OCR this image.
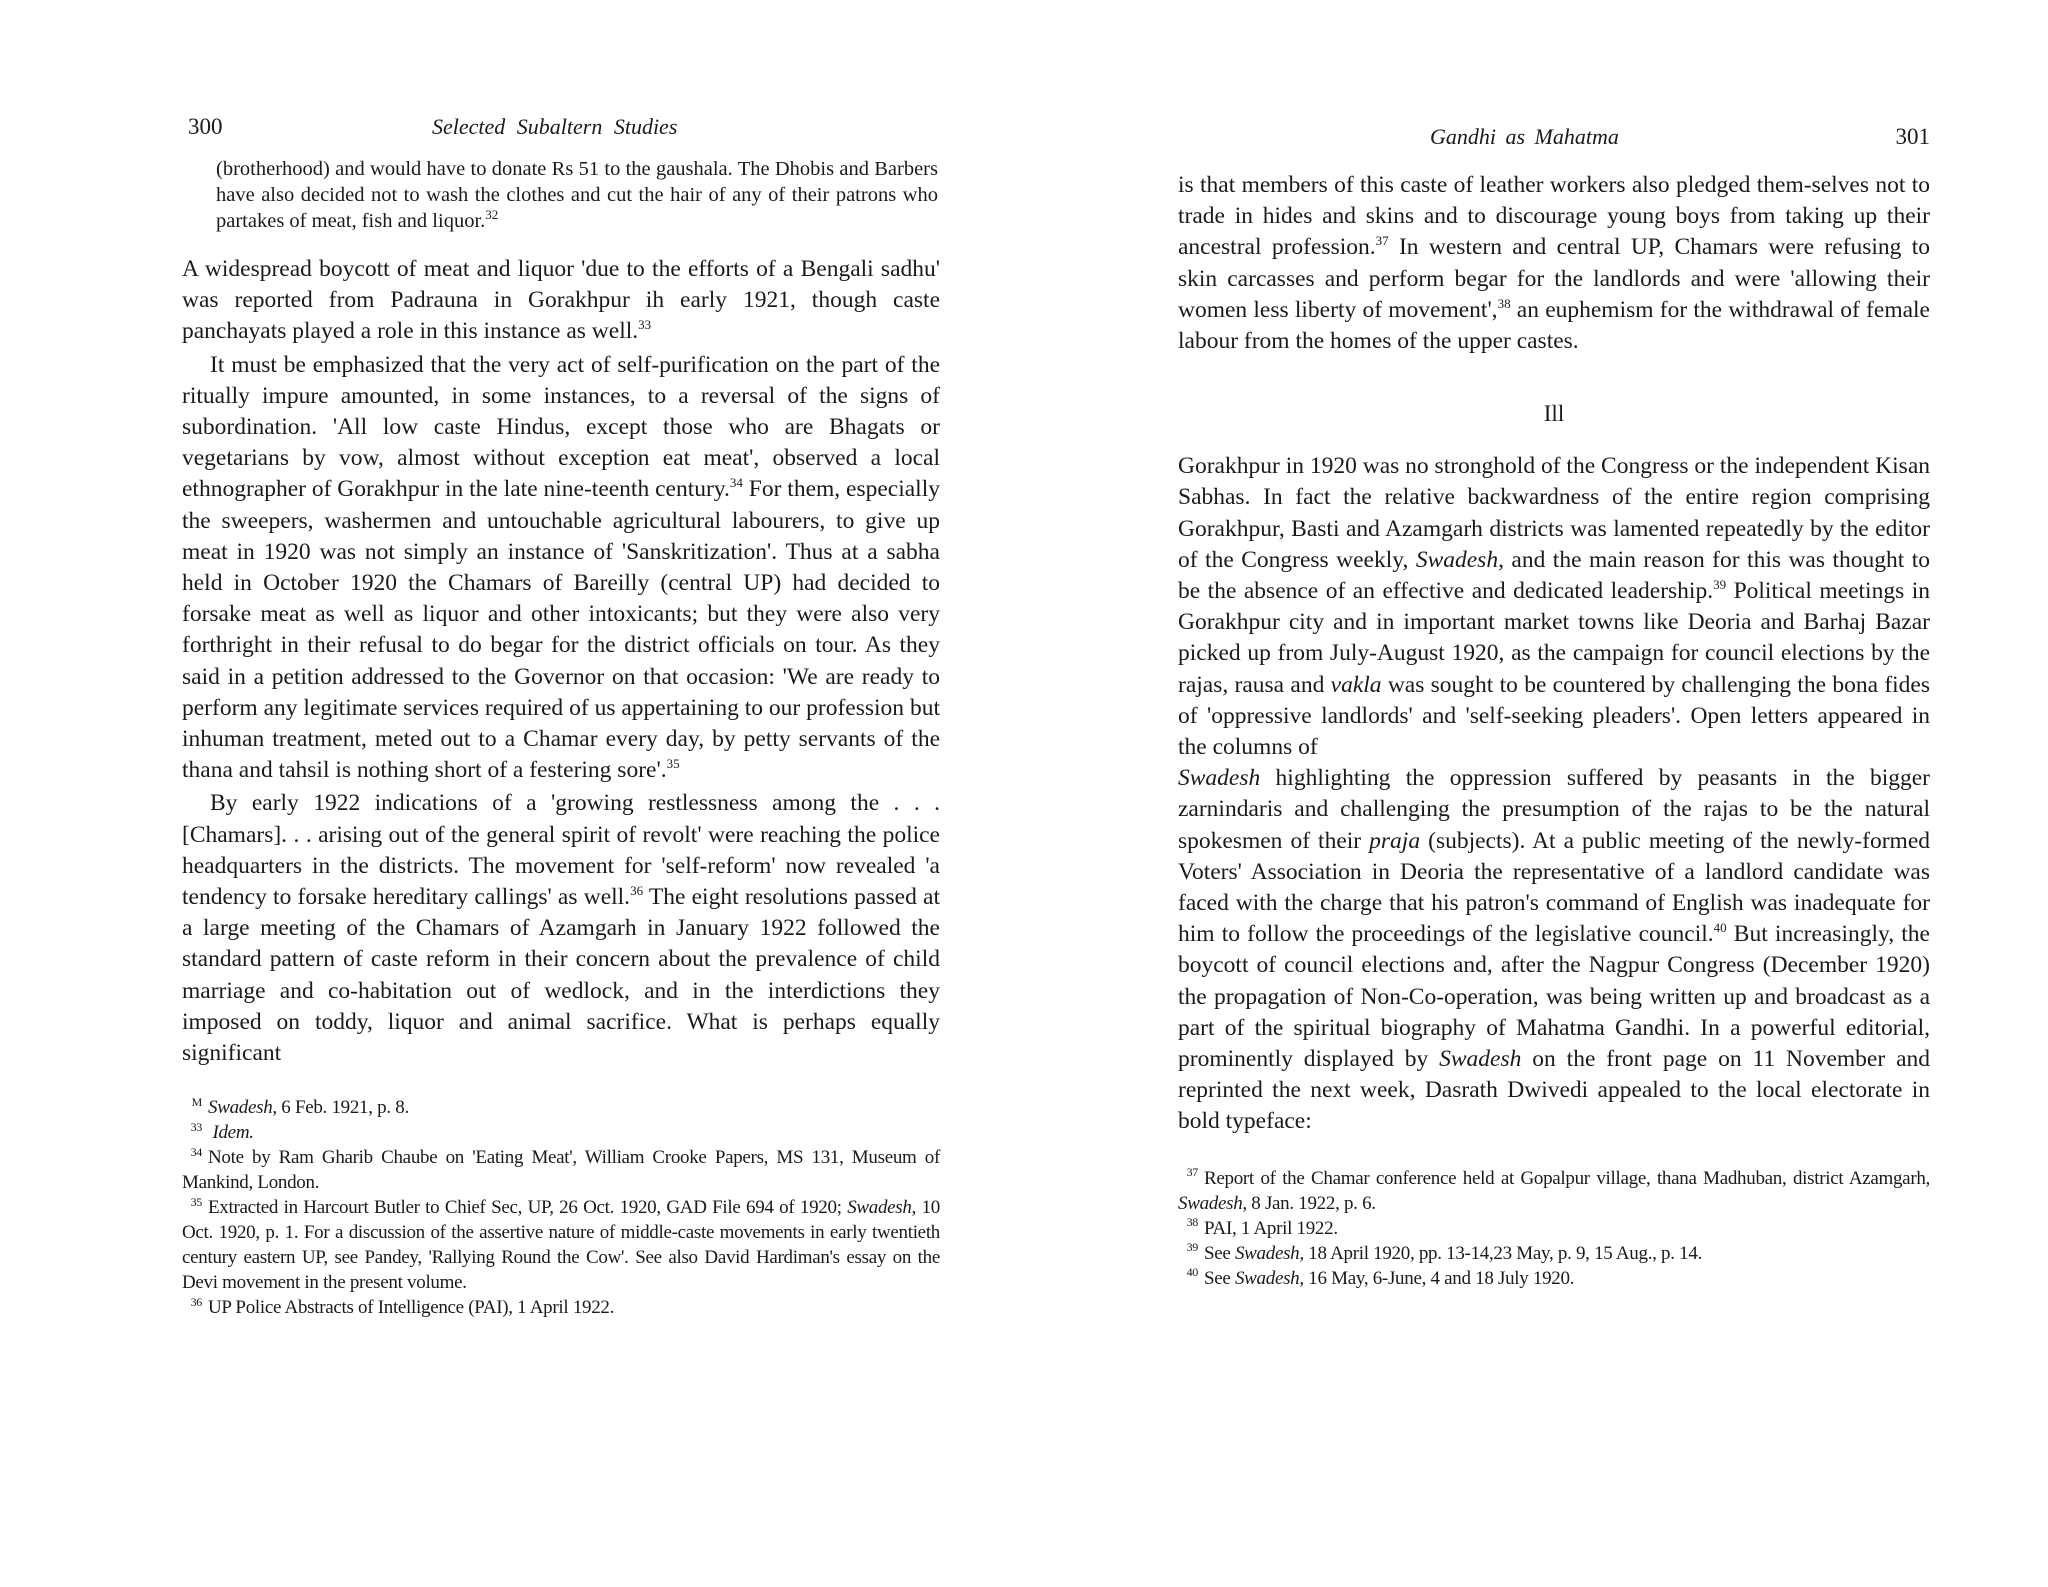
300	Selected Subaltern Studies

(brotherhood) and would have to donate Rs 51 to the gaushala. The Dhobis and Barbers have also decided not to wash the clothes and cut the hair of any of their patrons who partakes of meat, fish and liquor.$^{32}$

A widespread boycott of meat and liquor 'due to the efforts of a Bengali sadhu' was reported from Padrauna in Gorakhpur ih early 1921, though caste panchayats played a role in this instance as well.$^{33}$

It must be emphasized that the very act of self-purification on the part of the ritually impure amounted, in some instances, to a reversal of the signs of subordination. 'All low caste Hindus, except those who are Bhagats or vegetarians by vow, almost without exception eat meat', observed a local ethnographer of Gorakhpur in the late nine-teenth century.$^{34}$ For them, especially the sweepers, washermen and untouchable agricultural labourers, to give up meat in 1920 was not simply an instance of 'Sanskritization'. Thus at a sabha held in October 1920 the Chamars of Bareilly (central UP) had decided to forsake meat as well as liquor and other intoxicants; but they were also very forthright in their refusal to do begar for the district officials on tour. As they said in a petition addressed to the Governor on that occasion: 'We are ready to perform any legitimate services required of us appertaining to our profession but inhuman treatment, meted out to a Chamar every day, by petty servants of the thana and tahsil is nothing short of a festering sore'.$^{35}$

By early 1922 indications of a 'growing restlessness among the . . . [Chamars]. . . arising out of the general spirit of revolt' were reaching the police headquarters in the districts. The movement for 'self-reform' now revealed 'a tendency to forsake hereditary callings' as well.$^{36}$ The eight resolutions passed at a large meeting of the Chamars of Azamgarh in January 1922 followed the standard pattern of caste reform in their concern about the prevalence of child marriage and co-habitation out of wedlock, and in the interdictions they imposed on toddy, liquor and animal sacrifice. What is perhaps equally significant

M Swadesh, 6 Feb. 1921, p. 8.

33 Idem.

34 Note by Ram Gharib Chaube on 'Eating Meat', William Crooke Papers, MS 131, Museum of Mankind, London.

35 Extracted in Harcourt Butler to Chief Sec, UP, 26 Oct. 1920, GAD File 694 of 1920; Swadesh, 10 Oct. 1920, p. 1. For a discussion of the assertive nature of middle-caste movements in early twentieth century eastern UP, see Pandey, 'Rallying Round the Cow'. See also David Hardiman's essay on the Devi movement in the present volume.

36 UP Police Abstracts of Intelligence (PAI), 1 April 1922.

Gandhi as Mahatma	301

is that members of this caste of leather workers also pledged them-selves not to trade in hides and skins and to discourage young boys from taking up their ancestral profession.$^{37}$ In western and central UP, Chamars were refusing to skin carcasses and perform begar for the landlords and were 'allowing their women less liberty of movement',$^{38}$ an euphemism for the withdrawal of female labour from the homes of the upper castes.

Ill

Gorakhpur in 1920 was no stronghold of the Congress or the independent Kisan Sabhas. In fact the relative backwardness of the entire region comprising Gorakhpur, Basti and Azamgarh districts was lamented repeatedly by the editor of the Congress weekly, Swadesh, and the main reason for this was thought to be the absence of an effective and dedicated leadership.$^{39}$ Political meetings in Gorakhpur city and in important market towns like Deoria and Barhaj Bazar picked up from July-August 1920, as the campaign for council elections by the rajas, rausa and vakla was sought to be countered by challenging the bona fides of 'oppressive landlords' and 'self-seeking pleaders'. Open letters appeared in the columns of
Swadesh highlighting the oppression suffered by peasants in the bigger zarnindaris and challenging the presumption of the rajas to be the natural spokesmen of their praja (subjects). At a public meeting of the newly-formed Voters' Association in Deoria the representative of a landlord candidate was faced with the charge that his patron's command of English was inadequate for him to follow the proceedings of the legislative council.$^{40}$ But increasingly, the boycott of council elections and, after the Nagpur Congress (December 1920) the propagation of Non-Co-operation, was being written up and broadcast as a part of the spiritual biography of Mahatma Gandhi. In a powerful editorial, prominently displayed by Swadesh on the front page on 11 November and reprinted the next week, Dasrath Dwivedi appealed to the local electorate in bold typeface:

37 Report of the Chamar conference held at Gopalpur village, thana Madhuban, district Azamgarh, Swadesh, 8 Jan. 1922, p. 6.

38 PAI, 1 April 1922.

39 See Swadesh, 18 April 1920, pp. 13-14,23 May, p. 9, 15 Aug., p. 14.

40 See Swadesh, 16 May, 6-June, 4 and 18 July 1920.
